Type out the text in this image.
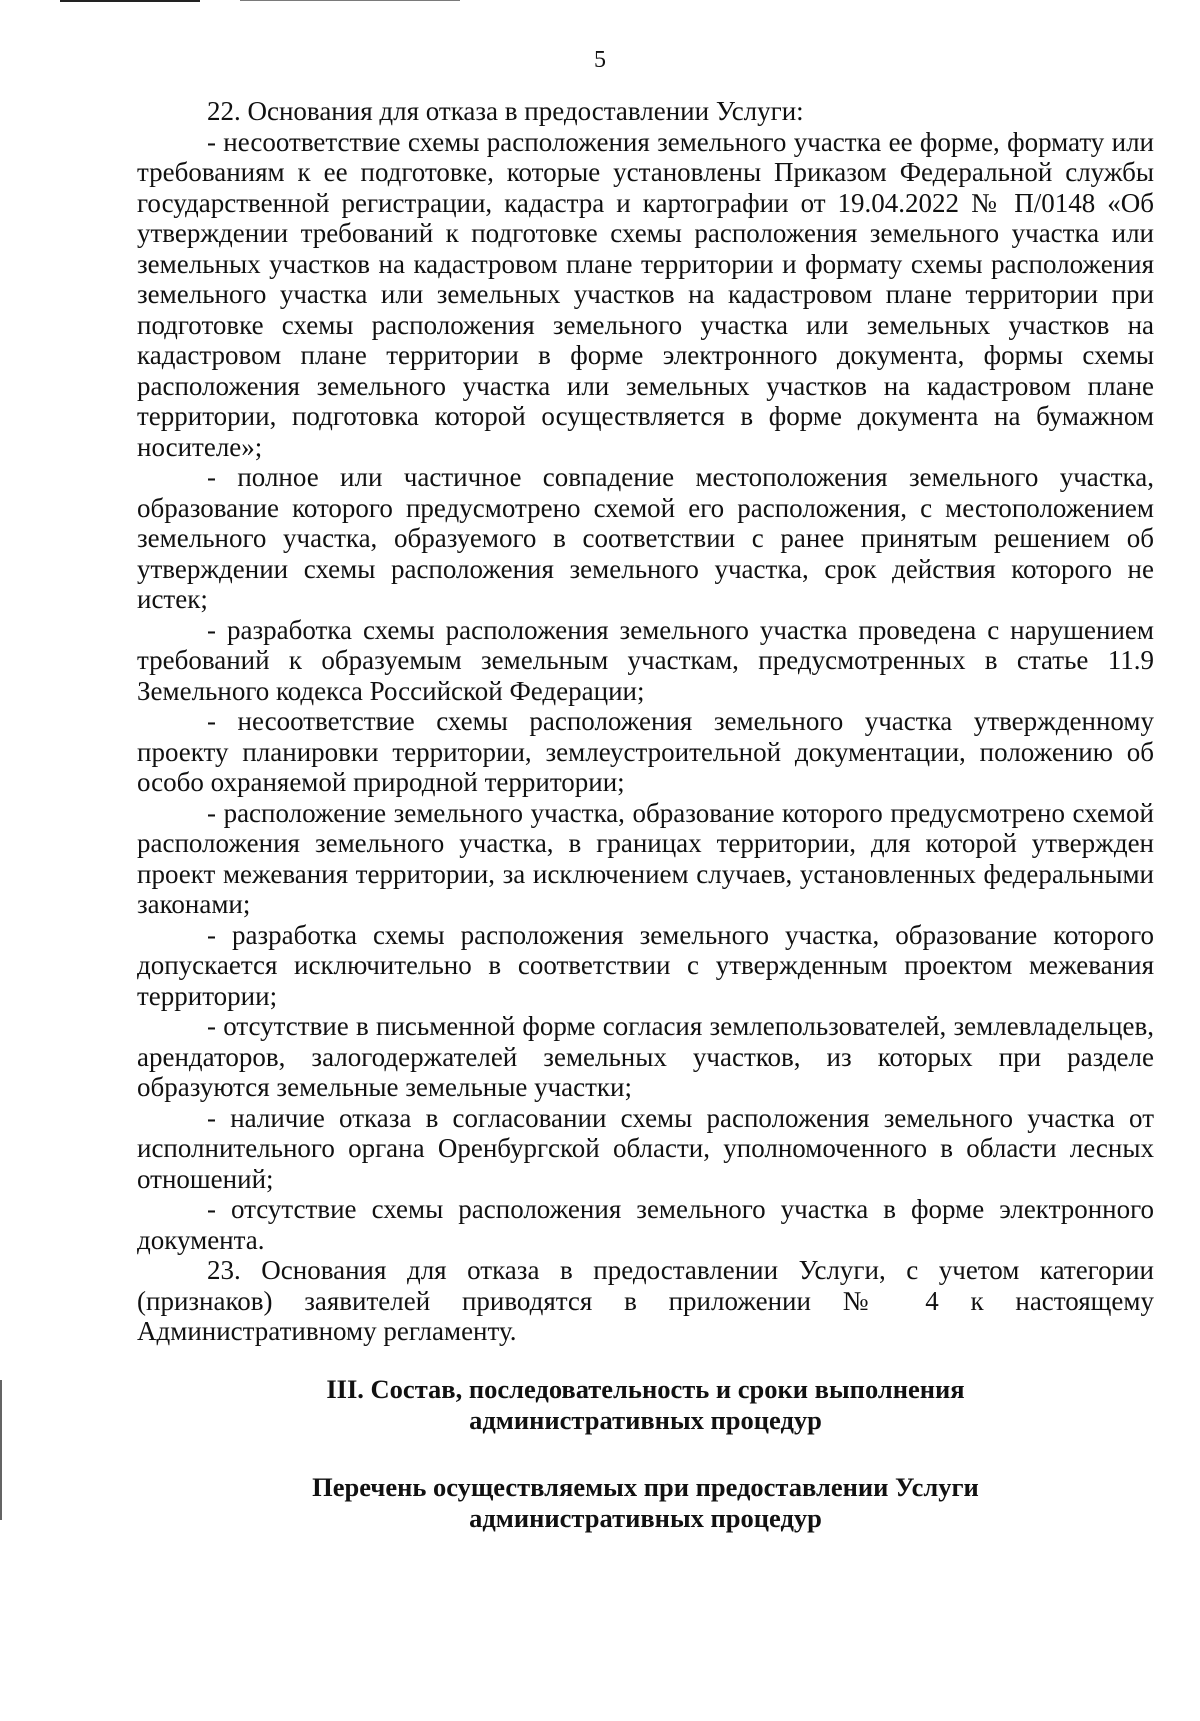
5

22. Основания для отказа в предоставлении Услуги:

- несоответствие схемы расположения земельного участка ее форме, формату или требованиям к ее подготовке, которые установлены Приказом Федеральной службы государственной регистрации, кадастра и картографии от 19.04.2022 № П/0148 «Об утверждении требований к подготовке схемы расположения земельного участка или земельных участков на кадастровом плане территории и формату схемы расположения земельного участка или земельных участков на кадастровом плане территории при подготовке схемы расположения земельного участка или земельных участков на кадастровом плане территории в форме электронного документа, формы схемы расположения земельного участка или земельных участков на кадастровом плане территории, подготовка которой осуществляется в форме документа на бумажном носителе»;

- полное или частичное совпадение местоположения земельного участка, образование которого предусмотрено схемой его расположения, с местоположением земельного участка, образуемого в соответствии с ранее принятым решением об утверждении схемы расположения земельного участка, срок действия которого не истек;

- разработка схемы расположения земельного участка проведена с нарушением требований к образуемым земельным участкам, предусмотренных в статье 11.9 Земельного кодекса Российской Федерации;

- несоответствие схемы расположения земельного участка утвержденному проекту планировки территории, землеустроительной документации, положению об особо охраняемой природной территории;

- расположение земельного участка, образование которого предусмотрено схемой расположения земельного участка, в границах территории, для которой утвержден проект межевания территории, за исключением случаев, установленных федеральными законами;

- разработка схемы расположения земельного участка, образование которого допускается исключительно в соответствии с утвержденным проектом межевания территории;

- отсутствие в письменной форме согласия землепользователей, землевладельцев, арендаторов, залогодержателей земельных участков, из которых при разделе образуются земельные земельные участки;

- наличие отказа в согласовании схемы расположения земельного участка от исполнительного органа Оренбургской области, уполномоченного в области лесных отношений;

- отсутствие схемы расположения земельного участка в форме электронного документа.

23. Основания для отказа в предоставлении Услуги, с учетом категории (признаков) заявителей приводятся в приложении № 4 к настоящему Административному регламенту.

III. Состав, последовательность и сроки выполнения
административных процедур
Перечень осуществляемых при предоставлении Услуги
административных процедур
